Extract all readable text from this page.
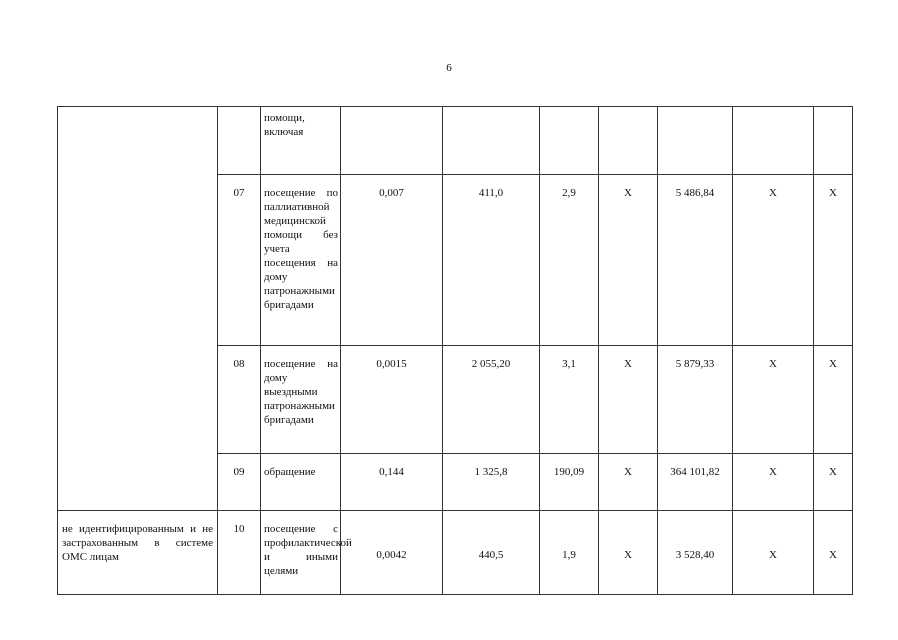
6

		помощи,
включая							

	07	посещение по паллиативной медицинской помощи без учета посещения на дому патронажными бригадами	0,007	411,0	2,9	X	5 486,84	X	X

	08	посещение на дому выездными патронажными бригадами	0,0015	2 055,20	3,1	X	5 879,33	X	X

	09	обращение	0,144	1 325,8	190,09	X	364 101,82	X	X

не идентифицированным и не застрахованным в системе ОМС лицам	10	посещение с профилактической и иными целями	0,0042	440,5	1,9	X	3 528,40	X	X
